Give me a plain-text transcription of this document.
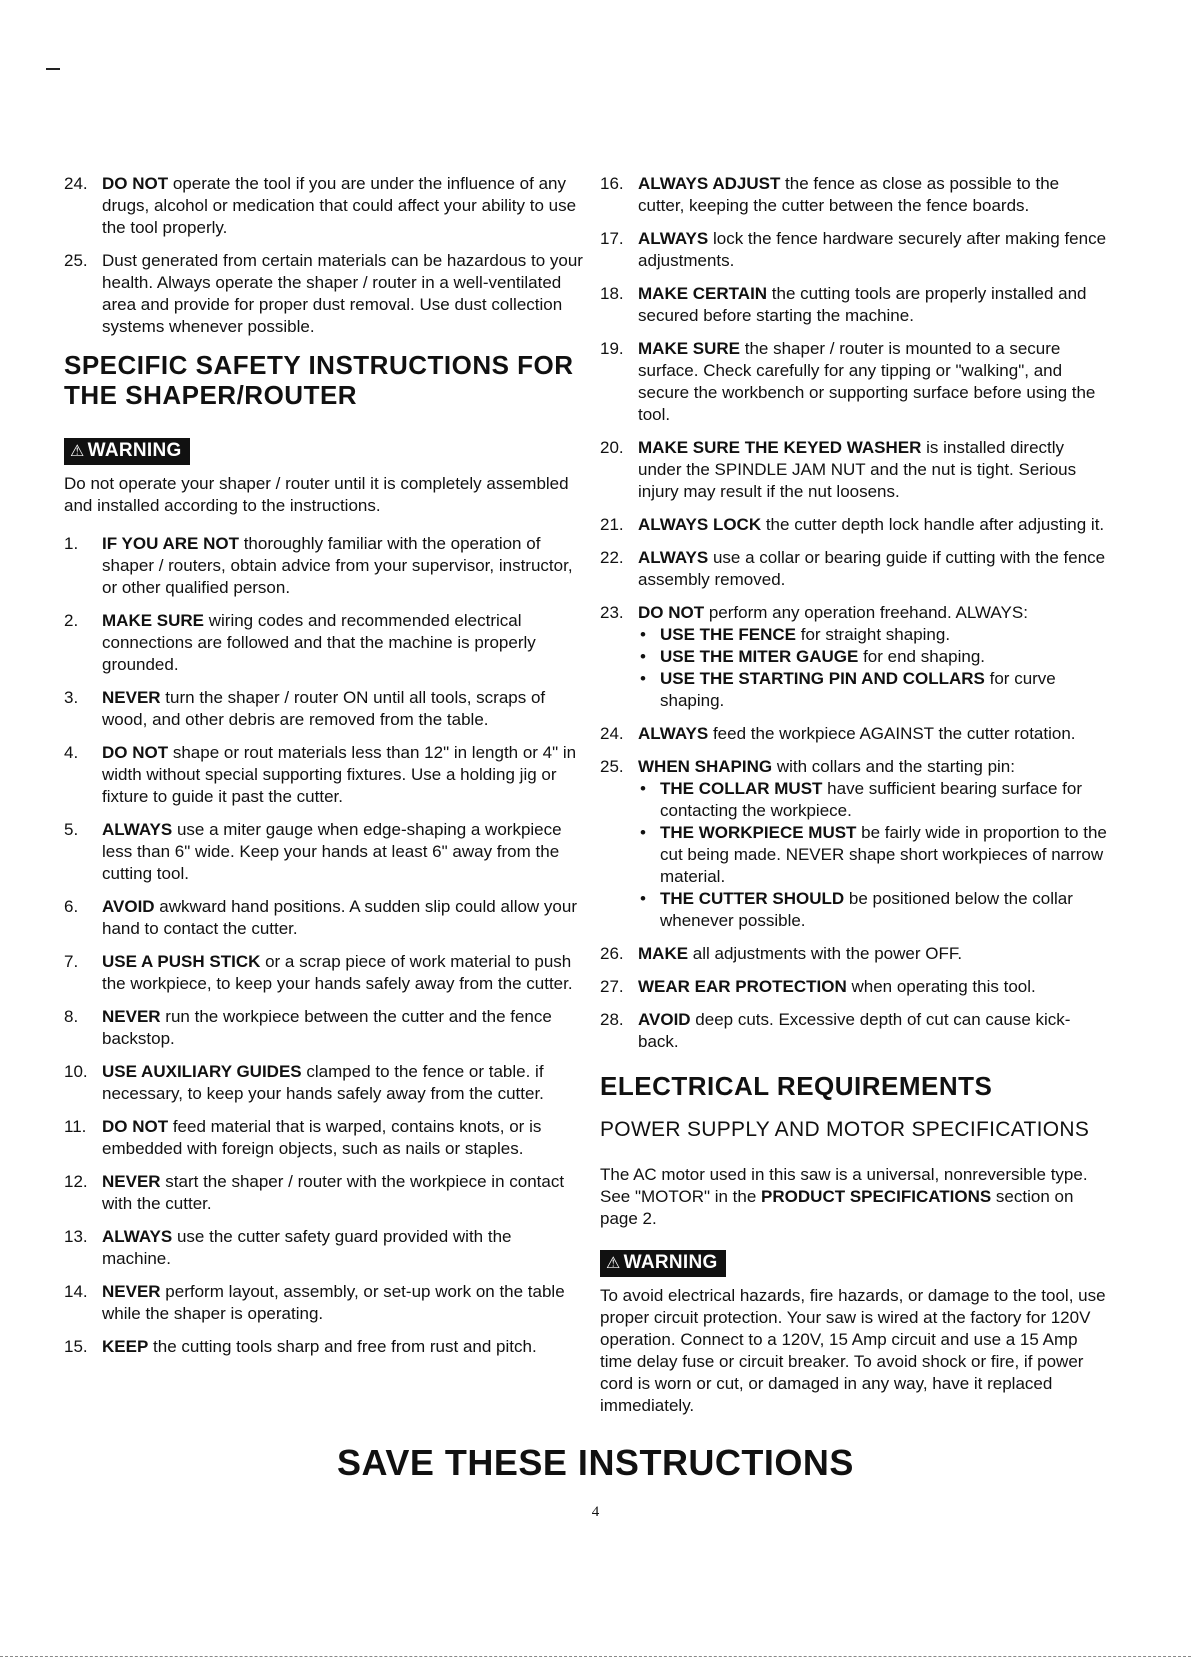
24. DO NOT operate the tool if you are under the influence of any drugs, alcohol or medication that could affect your ability to use the tool properly.
25. Dust generated from certain materials can be hazardous to your health. Always operate the shaper / router in a well-ventilated area and provide for proper dust removal. Use dust collection systems whenever possible.
SPECIFIC SAFETY INSTRUCTIONS FOR THE SHAPER/ROUTER
⚠ WARNING
Do not operate your shaper / router until it is completely assembled and installed according to the instructions.
1. IF YOU ARE NOT thoroughly familiar with the operation of shaper / routers, obtain advice from your supervisor, instructor, or other qualified person.
2. MAKE SURE wiring codes and recommended electrical connections are followed and that the machine is properly grounded.
3. NEVER turn the shaper / router ON until all tools, scraps of wood, and other debris are removed from the table.
4. DO NOT shape or rout materials less than 12" in length or 4" in width without special supporting fixtures. Use a holding jig or fixture to guide it past the cutter.
5. ALWAYS use a miter gauge when edge-shaping a workpiece less than 6" wide. Keep your hands at least 6" away from the cutting tool.
6. AVOID awkward hand positions. A sudden slip could allow your hand to contact the cutter.
7. USE A PUSH STICK or a scrap piece of work material to push the workpiece, to keep your hands safely away from the cutter.
8. NEVER run the workpiece between the cutter and the fence backstop.
10. USE AUXILIARY GUIDES clamped to the fence or table. if necessary, to keep your hands safely away from the cutter.
11. DO NOT feed material that is warped, contains knots, or is embedded with foreign objects, such as nails or staples.
12. NEVER start the shaper / router with the workpiece in contact with the cutter.
13. ALWAYS use the cutter safety guard provided with the machine.
14. NEVER perform layout, assembly, or set-up work on the table while the shaper is operating.
15. KEEP the cutting tools sharp and free from rust and pitch.
16. ALWAYS ADJUST the fence as close as possible to the cutter, keeping the cutter between the fence boards.
17. ALWAYS lock the fence hardware securely after making fence adjustments.
18. MAKE CERTAIN the cutting tools are properly installed and secured before starting the machine.
19. MAKE SURE the shaper / router is mounted to a secure surface. Check carefully for any tipping or "walking", and secure the workbench or supporting surface before using the tool.
20. MAKE SURE THE KEYED WASHER is installed directly under the SPINDLE JAM NUT and the nut is tight. Serious injury may result if the nut loosens.
21. ALWAYS LOCK the cutter depth lock handle after adjusting it.
22. ALWAYS use a collar or bearing guide if cutting with the fence assembly removed.
23. DO NOT perform any operation freehand. ALWAYS:
• USE THE FENCE for straight shaping.
• USE THE MITER GAUGE for end shaping.
• USE THE STARTING PIN AND COLLARS for curve shaping.
24. ALWAYS feed the workpiece AGAINST the cutter rotation.
25. WHEN SHAPING with collars and the starting pin:
• THE COLLAR MUST have sufficient bearing surface for contacting the workpiece.
• THE WORKPIECE MUST be fairly wide in proportion to the cut being made. NEVER shape short workpieces of narrow material.
• THE CUTTER SHOULD be positioned below the collar whenever possible.
26. MAKE all adjustments with the power OFF.
27. WEAR EAR PROTECTION when operating this tool.
28. AVOID deep cuts. Excessive depth of cut can cause kick-back.
ELECTRICAL REQUIREMENTS
POWER SUPPLY AND MOTOR SPECIFICATIONS
The AC motor used in this saw is a universal, nonreversible type. See "MOTOR" in the PRODUCT SPECIFICATIONS section on page 2.
⚠ WARNING
To avoid electrical hazards, fire hazards, or damage to the tool, use proper circuit protection. Your saw is wired at the factory for 120V operation. Connect to a 120V, 15 Amp circuit and use a 15 Amp time delay fuse or circuit breaker. To avoid shock or fire, if power cord is worn or cut, or damaged in any way, have it replaced immediately.
SAVE THESE INSTRUCTIONS
4
